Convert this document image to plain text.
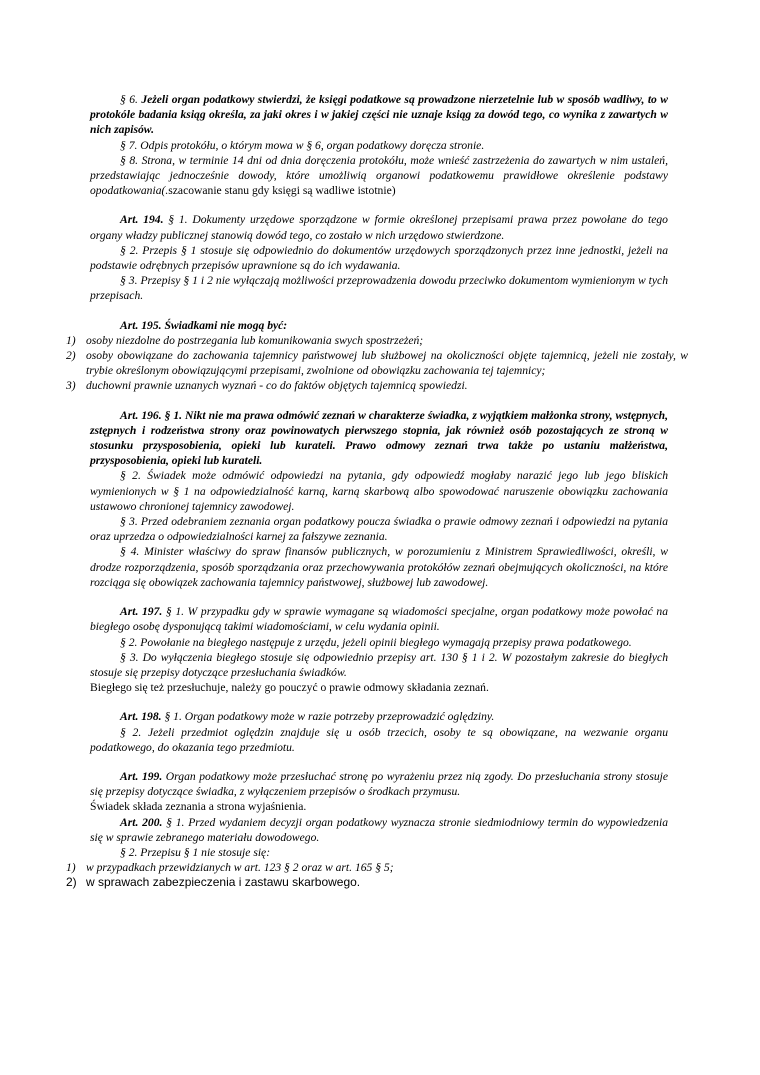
§ 6. Jeżeli organ podatkowy stwierdzi, że księgi podatkowe są prowadzone nierzetelnie lub w sposób wadliwy, to w protokóle badania ksiąg określa, za jaki okres i w jakiej części nie uznaje ksiąg za dowód tego, co wynika z zawartych w nich zapisów.

§ 7. Odpis protokółu, o którym mowa w § 6, organ podatkowy doręcza stronie.

§ 8. Strona, w terminie 14 dni od dnia doręczenia protokółu, może wnieść zastrzeżenia do zawartych w nim ustaleń, przedstawiając jednocześnie dowody, które umożliwią organowi podatkowemu prawidłowe określenie podstawy opodatkowania(.szacowanie stanu gdy księgi są wadliwe istotnie)

Art. 194. § 1. Dokumenty urzędowe sporządzone w formie określonej przepisami prawa przez powołane do tego organy władzy publicznej stanowią dowód tego, co zostało w nich urzędowo stwierdzone.

§ 2. Przepis § 1 stosuje się odpowiednio do dokumentów urzędowych sporządzonych przez inne jednostki, jeżeli na podstawie odrębnych przepisów uprawnione są do ich wydawania.

§ 3. Przepisy § 1 i 2 nie wyłączają możliwości przeprowadzenia dowodu przeciwko dokumentom wymienionym w tych przepisach.

Art. 195. Świadkami nie mogą być:

1) osoby niezdolne do postrzegania lub komunikowania swych spostrzeżeń;

2) osoby obowiązane do zachowania tajemnicy państwowej lub służbowej na okoliczności objęte tajemnicą, jeżeli nie zostały, w trybie określonym obowiązującymi przepisami, zwolnione od obowiązku zachowania tej tajemnicy;

3) duchowni prawnie uznanych wyznań - co do faktów objętych tajemnicą spowiedzi.

Art. 196. § 1. Nikt nie ma prawa odmówić zeznań w charakterze świadka, z wyjątkiem małżonka strony, wstępnych, zstępnych i rodzeństwa strony oraz powinowatych pierwszego stopnia, jak również osób pozostających ze stroną w stosunku przysposobienia, opieki lub kurateli. Prawo odmowy zeznań trwa także po ustaniu małżeństwa, przysposobienia, opieki lub kurateli.

§ 2. Świadek może odmówić odpowiedzi na pytania, gdy odpowiedź mogłaby narazić jego lub jego bliskich wymienionych w § 1 na odpowiedzialność karną, karną skarbową albo spowodować naruszenie obowiązku zachowania ustawowo chronionej tajemnicy zawodowej.

§ 3. Przed odebraniem zeznania organ podatkowy poucza świadka o prawie odmowy zeznań i odpowiedzi na pytania oraz uprzedza o odpowiedzialności karnej za fałszywe zeznania.

§ 4. Minister właściwy do spraw finansów publicznych, w porozumieniu z Ministrem Sprawiedliwości, określi, w drodze rozporządzenia, sposób sporządzania oraz przechowywania protokółów zeznań obejmujących okoliczności, na które rozciąga się obowiązek zachowania tajemnicy państwowej, służbowej lub zawodowej.

Art. 197. § 1. W przypadku gdy w sprawie wymagane są wiadomości specjalne, organ podatkowy może powołać na biegłego osobę dysponującą takimi wiadomościami, w celu wydania opinii.

§ 2. Powołanie na biegłego następuje z urzędu, jeżeli opinii biegłego wymagają przepisy prawa podatkowego.

§ 3. Do wyłączenia biegłego stosuje się odpowiednio przepisy art. 130 § 1 i 2. W pozostałym zakresie do biegłych stosuje się przepisy dotyczące przesłuchania świadków.

Biegłego się też przesłuchuje, należy go pouczyć o prawie odmowy składania zeznań.

Art. 198. § 1. Organ podatkowy może w razie potrzeby przeprowadzić oględziny.

§ 2. Jeżeli przedmiot oględzin znajduje się u osób trzecich, osoby te są obowiązane, na wezwanie organu podatkowego, do okazania tego przedmiotu.

Art. 199. Organ podatkowy może przesłuchać stronę po wyrażeniu przez nią zgody. Do przesłuchania strony stosuje się przepisy dotyczące świadka, z wyłączeniem przepisów o środkach przymusu.

Świadek składa zeznania a strona wyjaśnienia.

Art. 200. § 1. Przed wydaniem decyzji organ podatkowy wyznacza stronie siedmiodniowy termin do wypowiedzenia się w sprawie zebranego materiału dowodowego.

§ 2. Przepisu § 1 nie stosuje się:

1) w przypadkach przewidzianych w art. 123 § 2 oraz w art. 165 § 5;

2) w sprawach zabezpieczenia i zastawu skarbowego.
